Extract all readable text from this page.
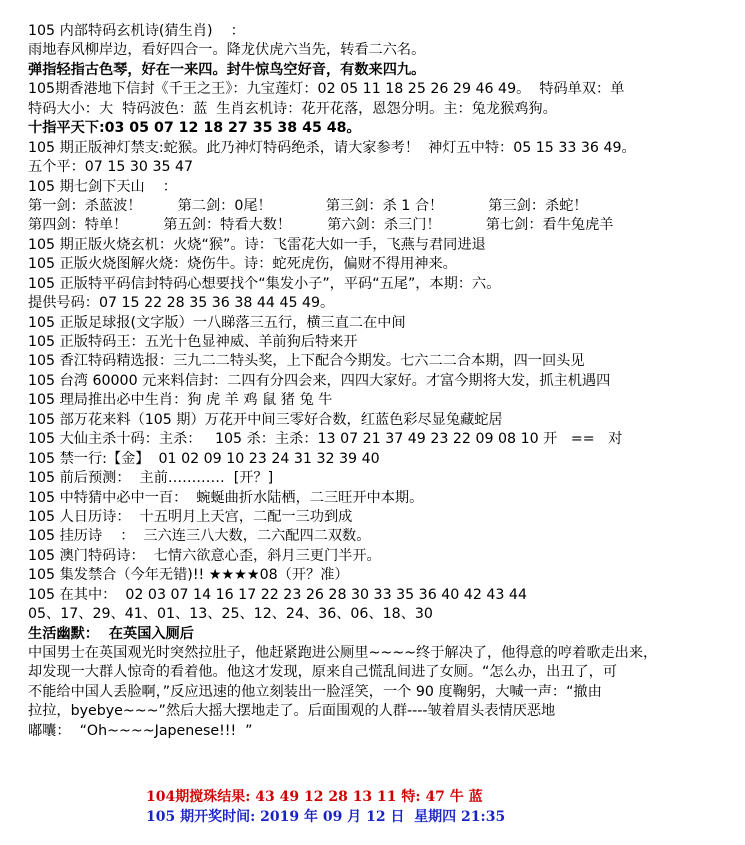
105 内部特码玄机诗(猜生肖)    ：
雨地春风柳岸边，看好四合一。降龙伏虎六当先，转看二六名。
弹指轻指古色琴，好在一来四。封牛惊鸟空好音，有数来四九。
105期香港地下信封《千王之王》：九宝莲灯：02 05 11 18 25 26 29 46 49。  特码单双：单
特码大小：大  特码波色：蓝  生肖玄机诗：花开花落，恩怨分明。主：兔龙猴鸡狗。
十指平天下:03 05 07 12 18 27 35 38 45 48。
105 期正版神灯禁支:蛇猴。此乃神灯特码绝杀，请大家参考！  神灯五中特：05 15 33 36 49。
五个平：07 15 30 35 47
105 期七剑下天山    ：
第一剑：杀蓝波！        第二剑：0尾！            第三剑：杀 1 合！          第三剑：杀蛇！
第四剑：特单！        第五剑：特看大数！        第六剑：杀三门！          第七剑：看牛兔虎羊
105 期正版火烧玄机：火烧“猴”。诗：飞雷花大如一手，飞燕与君同进退
105 正版火烧图解火烧：烧伤牛。诗：蛇死虎伤，偏财不得用神来。
105 正版特平码信封特码心想要找个“集发小子”，平码“五尾”，本期：六。
提供号码：07 15 22 28 35 36 38 44 45 49。
105 正版足球报(文字版）一八睇落三五行，横三直二在中间
105 正版特码王：五光十色显神威、羊前狗后特来开
105 香江特码精选报：三九二二特头奖，上下配合今期发。七六二二合本期，四一回头见
105 台湾 60000 元来料信封：二四有分四会来，四四大家好。才富今期将大发，抓主机遇四
105 理局推出必中生肖：狗 虎 羊 鸡 鼠 猪 兔 牛
105 部万花来料（105 期）万花开中间三零好合数，红蓝色彩尽显兔藏蛇居
105 大仙主杀十码：主杀：   105 杀：主杀：13 07 21 37 49 23 22 09 08 10 开   ==   对
105 禁一行:【金】  01 02 09 10 23 24 31 32 39 40
105 前后预测：  主前…………  [开？]
105 中特猜中必中一百：  蜿蜒曲折水陆栖，二三旺开中本期。
105 人日历诗：  十五明月上天宫，二配一三功到成
105 挂历诗    ：  三六连三八大数，二六配四二双数。
105 澳门特码诗：  七情六欲意心歪，斜月三更门半开。
105 集发禁合（今年无错)!! ★★★★08（开？准）
105 在其中：  02 03 07 14 16 17 22 23 26 28 30 33 35 36 40 42 43 44
05、17、29、41、01、13、25、12、24、36、06、18、30
生活幽默：  在英国入厕后
中国男士在英国观光时突然拉肚子，他赶紧跑进公厕里~~~~终于解决了，他得意的哼着歌走出来，
却发现一大群人惊奇的看着他。他这才发现，原来自己慌乱间进了女厕。“怎么办，出丑了，可
不能给中国人丢脸啊，”反应迅速的他立刻装出一脸淫笑，一个 90 度鞠躬，大喊一声：“撤由
拉拉，byebye~~~”然后大摇大摆地走了。后面围观的人群----皱着眉头表情厌恶地
嘟囔：  “Oh~~~~Japenese!!!  ”
104期搅珠结果: 43 49 12 28 13 11 特: 47 牛 蓝
105 期开奖时间: 2019 年 09 月 12 日  星期四 21:35
